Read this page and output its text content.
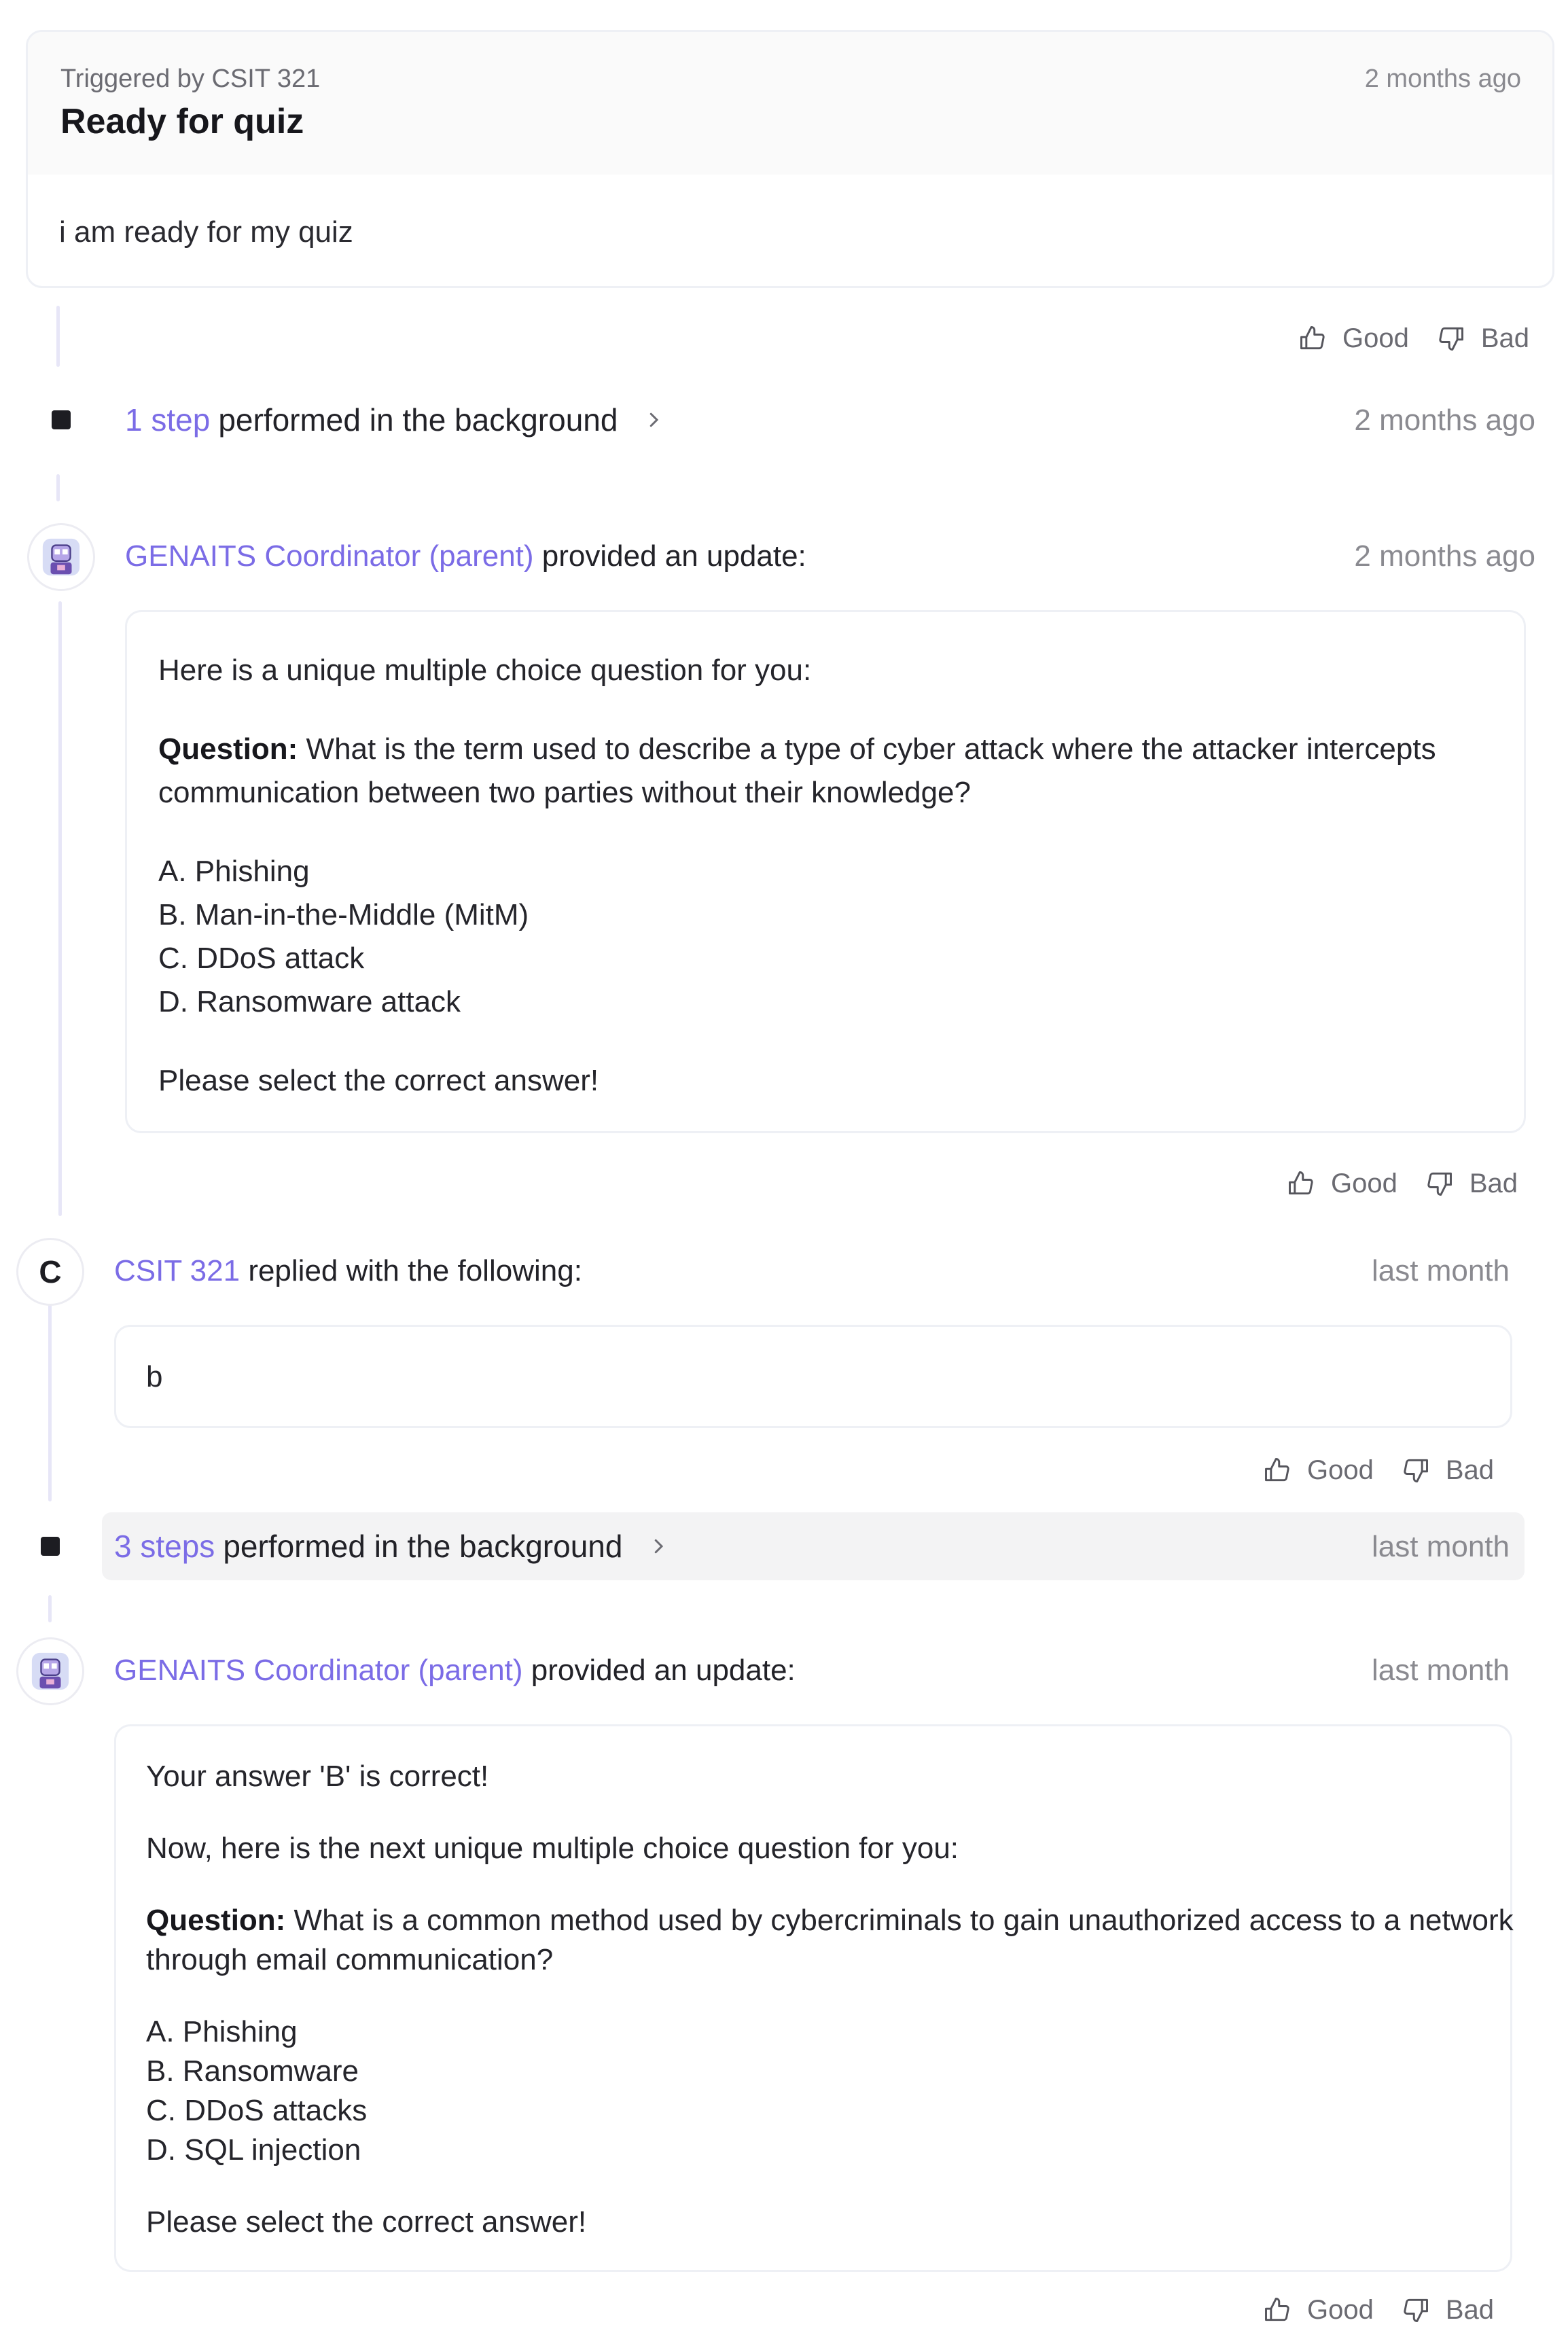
Triggered by CSIT 321	2 months ago
Ready for quiz
i am ready for my quiz
Good	Bad
1 step performed in the background	2 months ago
GENAITS Coordinator (parent) provided an update:	2 months ago

Here is a unique multiple choice question for you:

Question: What is the term used to describe a type of cyber attack where the attacker intercepts

communication between two parties without their knowledge?

A. Phishing

B. Man-in-the-Middle (MitM)

C. DDoS attack

D. Ransomware attack

Please select the correct answer!

Good	Bad
C CSIT 321 replied with the following:	last month

b

Good	Bad
3 steps performed in the background	last month
GENAITS Coordinator (parent) provided an update:	last month

Your answer 'B' is correct!

Now, here is the next unique multiple choice question for you:

Question: What is a common method used by cybercriminals to gain unauthorized access to a network

through email communication?

A. Phishing

B. Ransomware

C. DDoS attacks

D. SQL injection

Please select the correct answer!

Good	Bad
